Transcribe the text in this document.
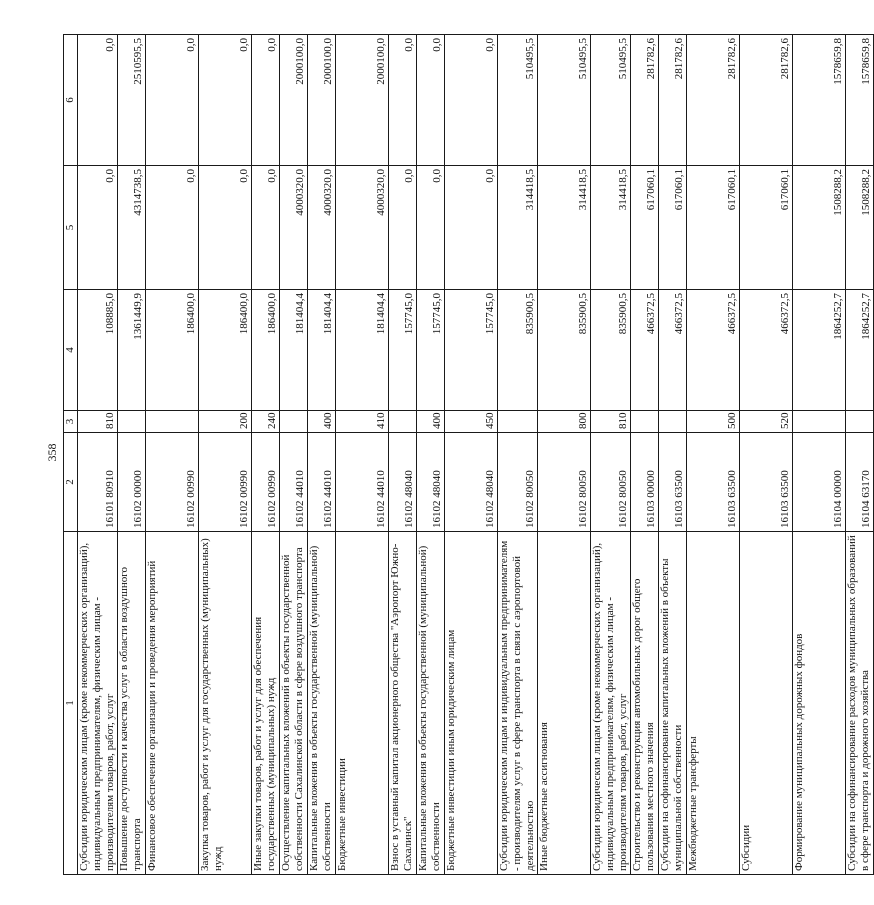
358
1	2	3	4	5	6
Субсидии юридическим лицам (кроме некоммерческих организаций), индивидуальным предпринимателям, физическим лицам - производителям товаров, работ, услуг	16101 80910	810	108885,0	0,0	0,0
Повышение доступности и качества услуг в области воздушного транспорта	16102 00000		1361449,9	4314738,5	2510595,5
Финансовое обеспечение организации и проведения мероприятий	16102 00990		186400,0	0,0	0,0
Закупка товаров, работ и услуг для государственных (муниципальных) нужд	16102 00990	200	186400,0	0,0	0,0
Иные закупки товаров, работ и услуг для обеспечения государственных (муниципальных) нужд	16102 00990	240	186400,0	0,0	0,0
Осуществление капитальных вложений в объекты государственной собственности Сахалинской области в сфере воздушного транспорта	16102 44010		181404,4	4000320,0	2000100,0
Капитальные вложения в объекты государственной (муниципальной) собственности	16102 44010	400	181404,4	4000320,0	2000100,0
Бюджетные инвестиции	16102 44010	410	181404,4	4000320,0	2000100,0
Взнос в уставный капитал акционерного общества "Аэропорт Южно-Сахалинск"	16102 48040		157745,0	0,0	0,0
Капитальные вложения в объекты государственной (муниципальной) собственности	16102 48040	400	157745,0	0,0	0,0
Бюджетные инвестиции иным юридическим лицам	16102 48040	450	157745,0	0,0	0,0
Субсидии юридическим лицам и индивидуальным предпринимателям - производителям услуг в сфере транспорта в связи с аэропортовой деятельностью	16102 80050		835900,5	314418,5	510495,5
Иные бюджетные ассигнования	16102 80050	800	835900,5	314418,5	510495,5
Субсидии юридическим лицам (кроме некоммерческих организаций), индивидуальным предпринимателям, физическим лицам - производителям товаров, работ, услуг	16102 80050	810	835900,5	314418,5	510495,5
Строительство и реконструкция автомобильных дорог общего пользования местного значения	16103 00000		466372,5	617060,1	281782,6
Субсидии на софинансирование капитальных вложений в объекты муниципальной собственности	16103 63500		466372,5	617060,1	281782,6
Межбюджетные трансферты	16103 63500	500	466372,5	617060,1	281782,6
Субсидии	16103 63500	520	466372,5	617060,1	281782,6
Формирование муниципальных дорожных фондов	16104 00000		1864252,7	1508288,2	1578659,8
Субсидии на софинансирование расходов муниципальных образований в сфере транспорта и дорожного хозяйства	16104 63170		1864252,7	1508288,2	1578659,8
